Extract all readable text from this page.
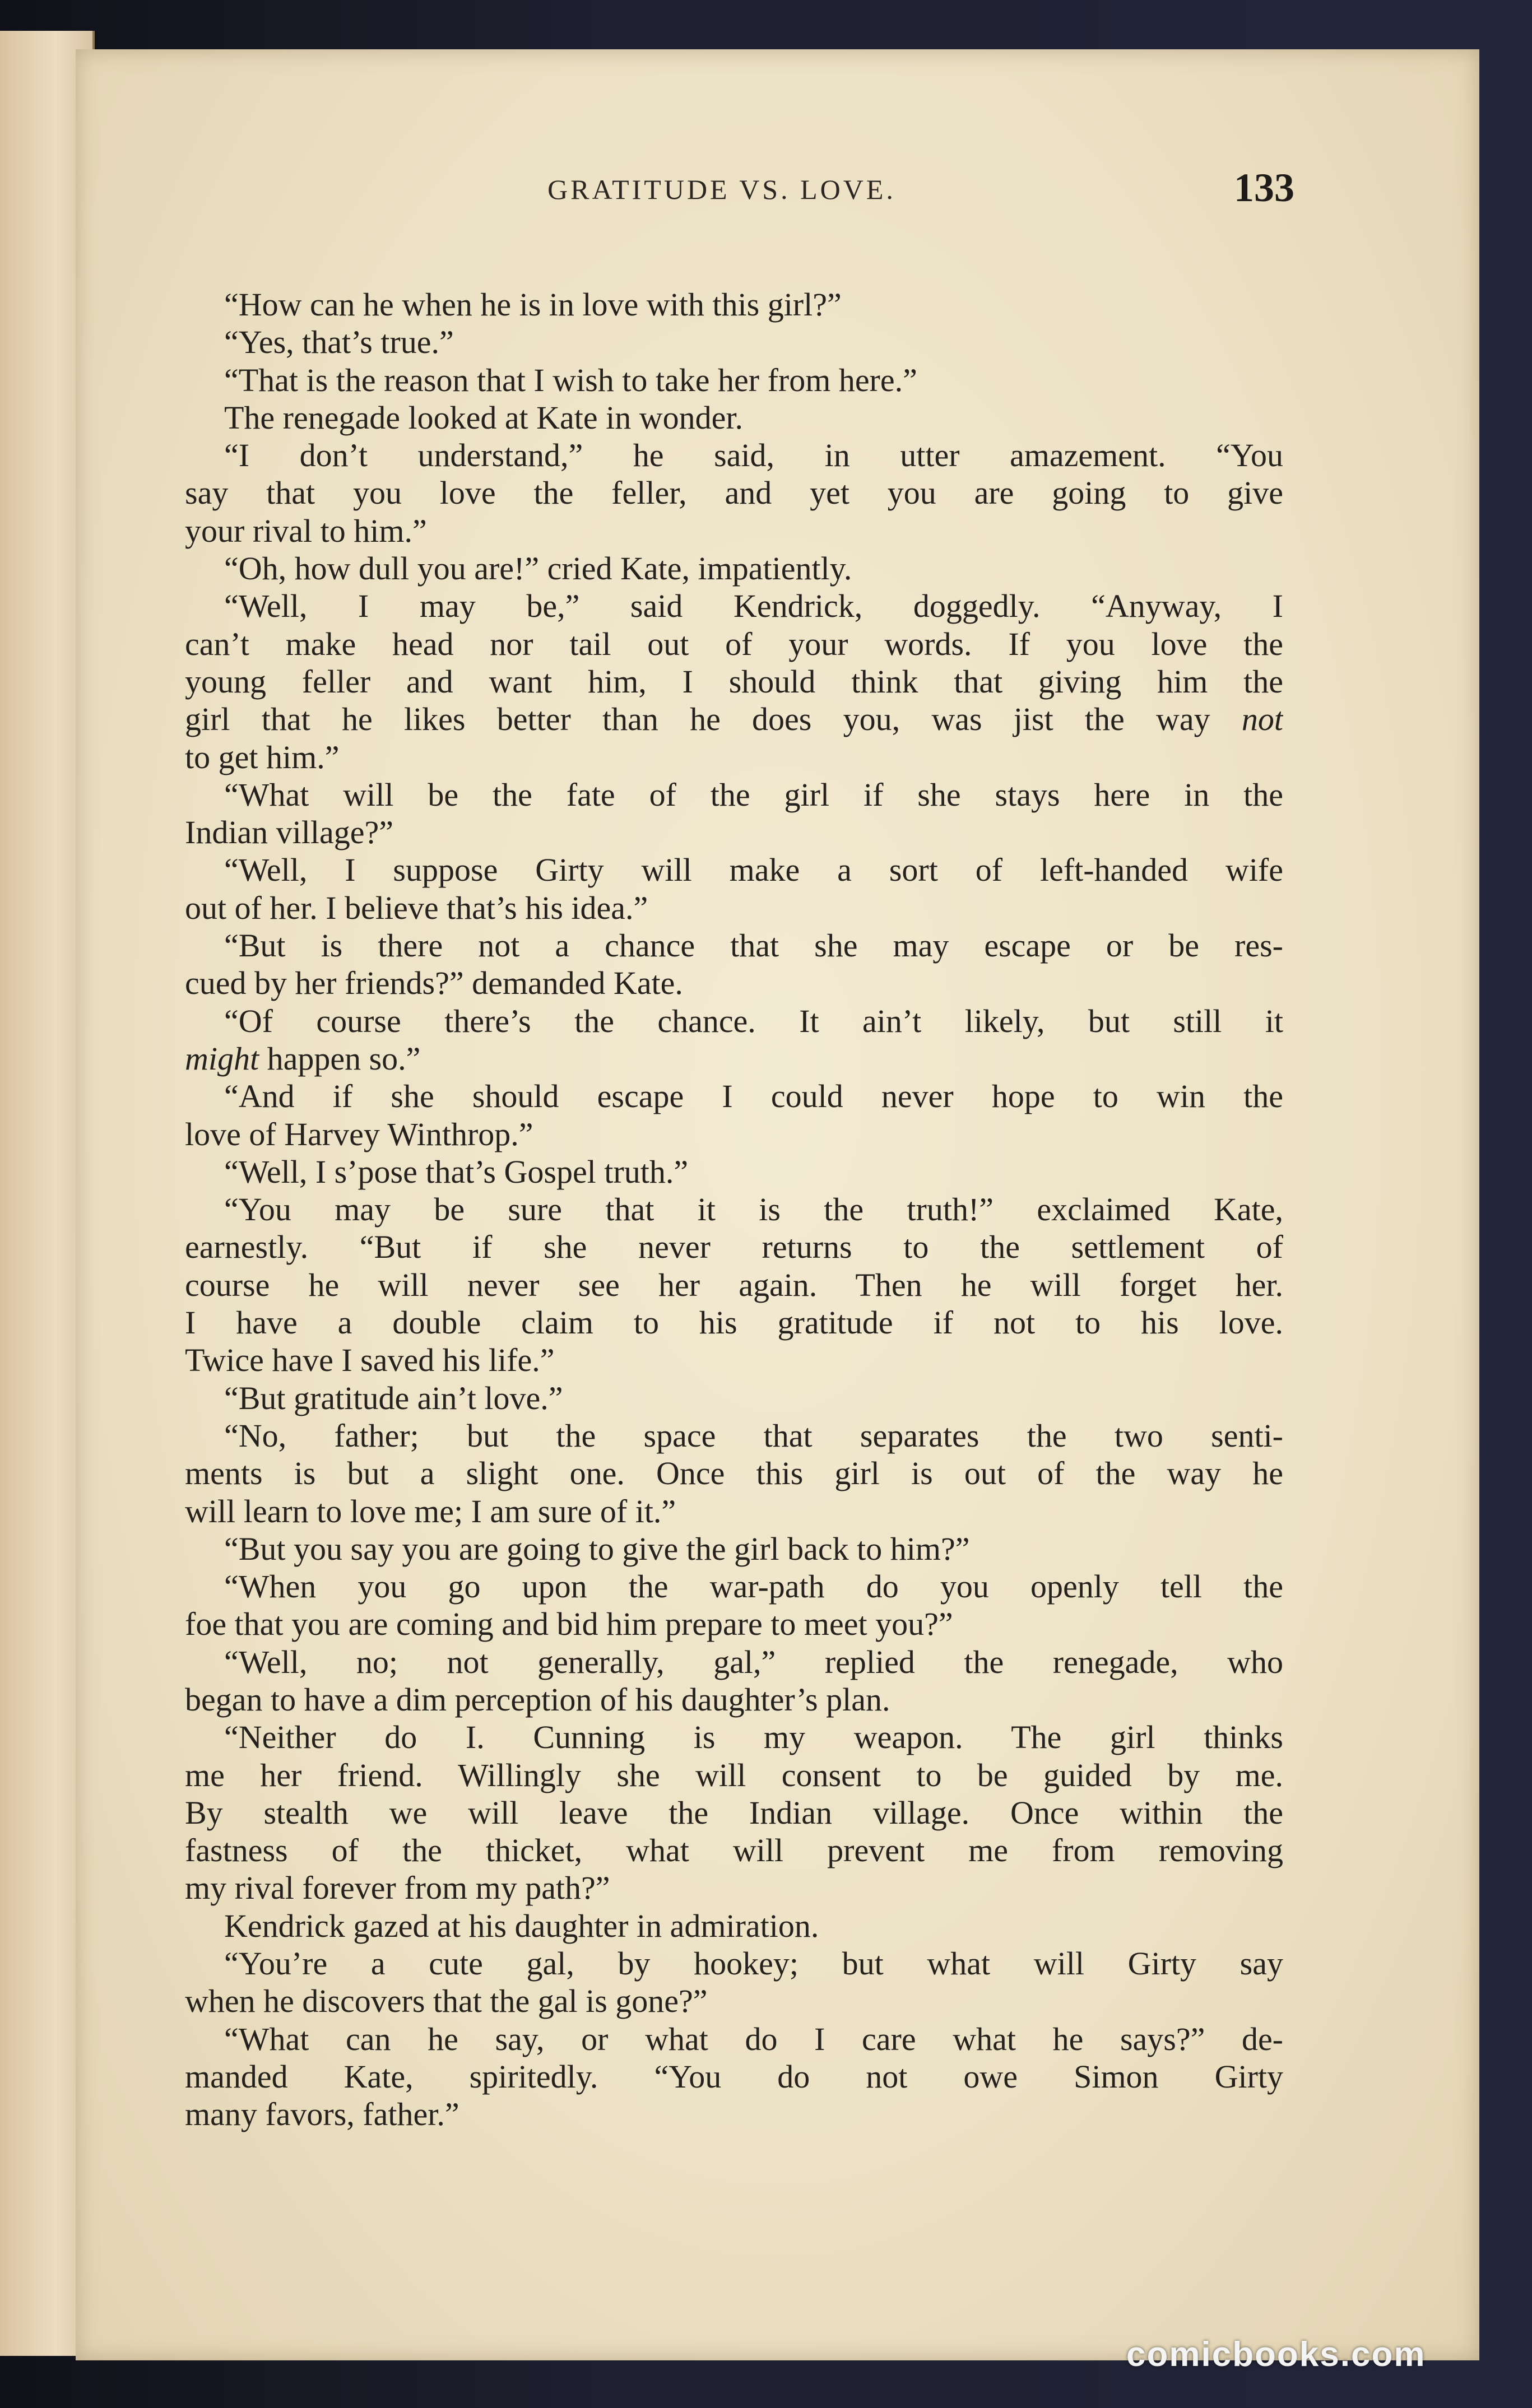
GRATITUDE VS. LOVE.	133
“How can he when he is in love with this girl?”
“Yes, that’s true.”
“That is the reason that I wish to take her from here.”
The renegade looked at Kate in wonder.
“I don’t understand,” he said, in utter amazement. “You
say that you love the feller, and yet you are going to give
your rival to him.”
“Oh, how dull you are!” cried Kate, impatiently.
“Well, I may be,” said Kendrick, doggedly. “Anyway, I
can’t make head nor tail out of your words. If you love the
young feller and want him, I should think that giving him the
girl that he likes better than he does you, was jist the way not
to get him.”
“What will be the fate of the girl if she stays here in the
Indian village?”
“Well, I suppose Girty will make a sort of left-handed wife
out of her. I believe that’s his idea.”
“But is there not a chance that she may escape or be res-
cued by her friends?” demanded Kate.
“Of course there’s the chance. It ain’t likely, but still it
might happen so.”
“And if she should escape I could never hope to win the
love of Harvey Winthrop.”
“Well, I s’pose that’s Gospel truth.”
“You may be sure that it is the truth!” exclaimed Kate,
earnestly. “But if she never returns to the settlement of
course he will never see her again. Then he will forget her.
I have a double claim to his gratitude if not to his love.
Twice have I saved his life.”
“But gratitude ain’t love.”
“No, father; but the space that separates the two senti-
ments is but a slight one. Once this girl is out of the way he
will learn to love me; I am sure of it.”
“But you say you are going to give the girl back to him?”
“When you go upon the war-path do you openly tell the
foe that you are coming and bid him prepare to meet you?”
“Well, no; not generally, gal,” replied the renegade, who
began to have a dim perception of his daughter’s plan.
“Neither do I. Cunning is my weapon. The girl thinks
me her friend. Willingly she will consent to be guided by me.
By stealth we will leave the Indian village. Once within the
fastness of the thicket, what will prevent me from removing
my rival forever from my path?”
Kendrick gazed at his daughter in admiration.
“You’re a cute gal, by hookey; but what will Girty say
when he discovers that the gal is gone?”
“What can he say, or what do I care what he says?” de-
manded Kate, spiritedly. “You do not owe Simon Girty
many favors, father.”
comicbooks.com
